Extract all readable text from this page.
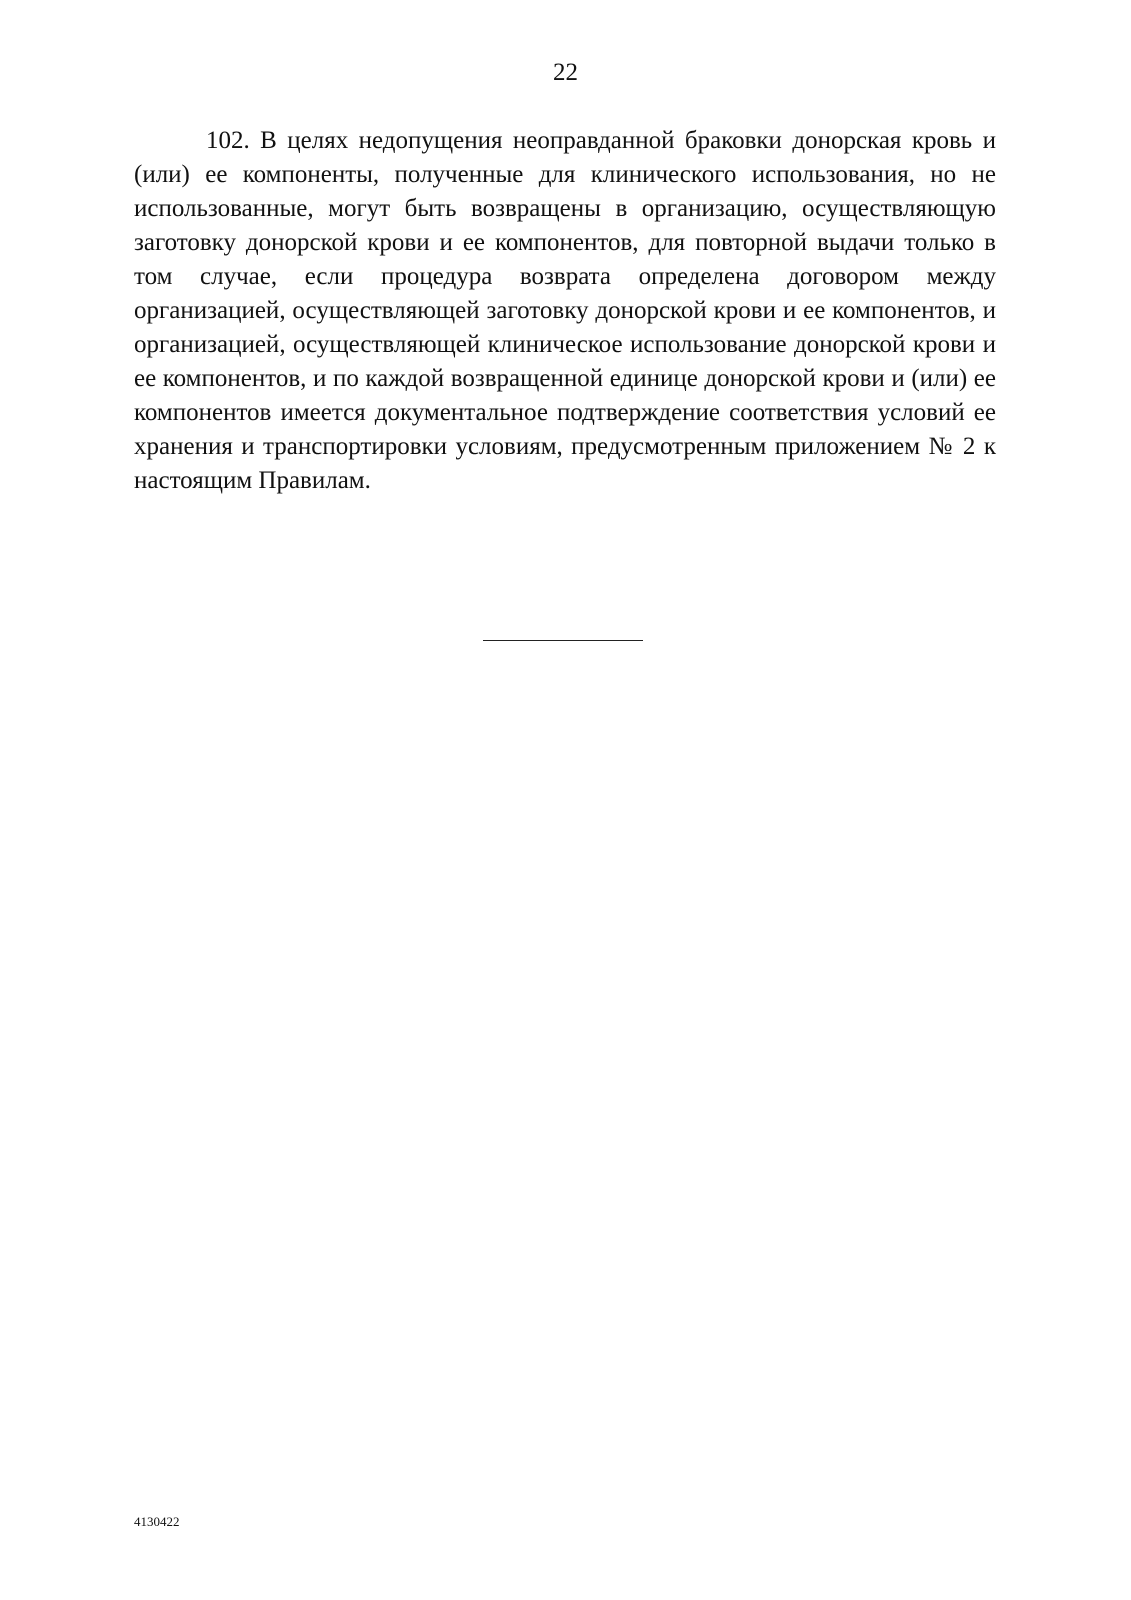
22

102. В целях недопущения неоправданной браковки донорская кровь и (или) ее компоненты, полученные для клинического использования, но не использованные, могут быть возвращены в организацию, осуществляющую заготовку донорской крови и ее компонентов, для повторной выдачи только в том случае, если процедура возврата определена договором между организацией, осуществляющей заготовку донорской крови и ее компонентов, и организацией, осуществляющей клиническое использование донорской крови и ее компонентов, и по каждой возвращенной единице донорской крови и (или) ее компонентов имеется документальное подтверждение соответствия условий ее хранения и транспортировки условиям, предусмотренным приложением № 2 к настоящим Правилам.

4130422
